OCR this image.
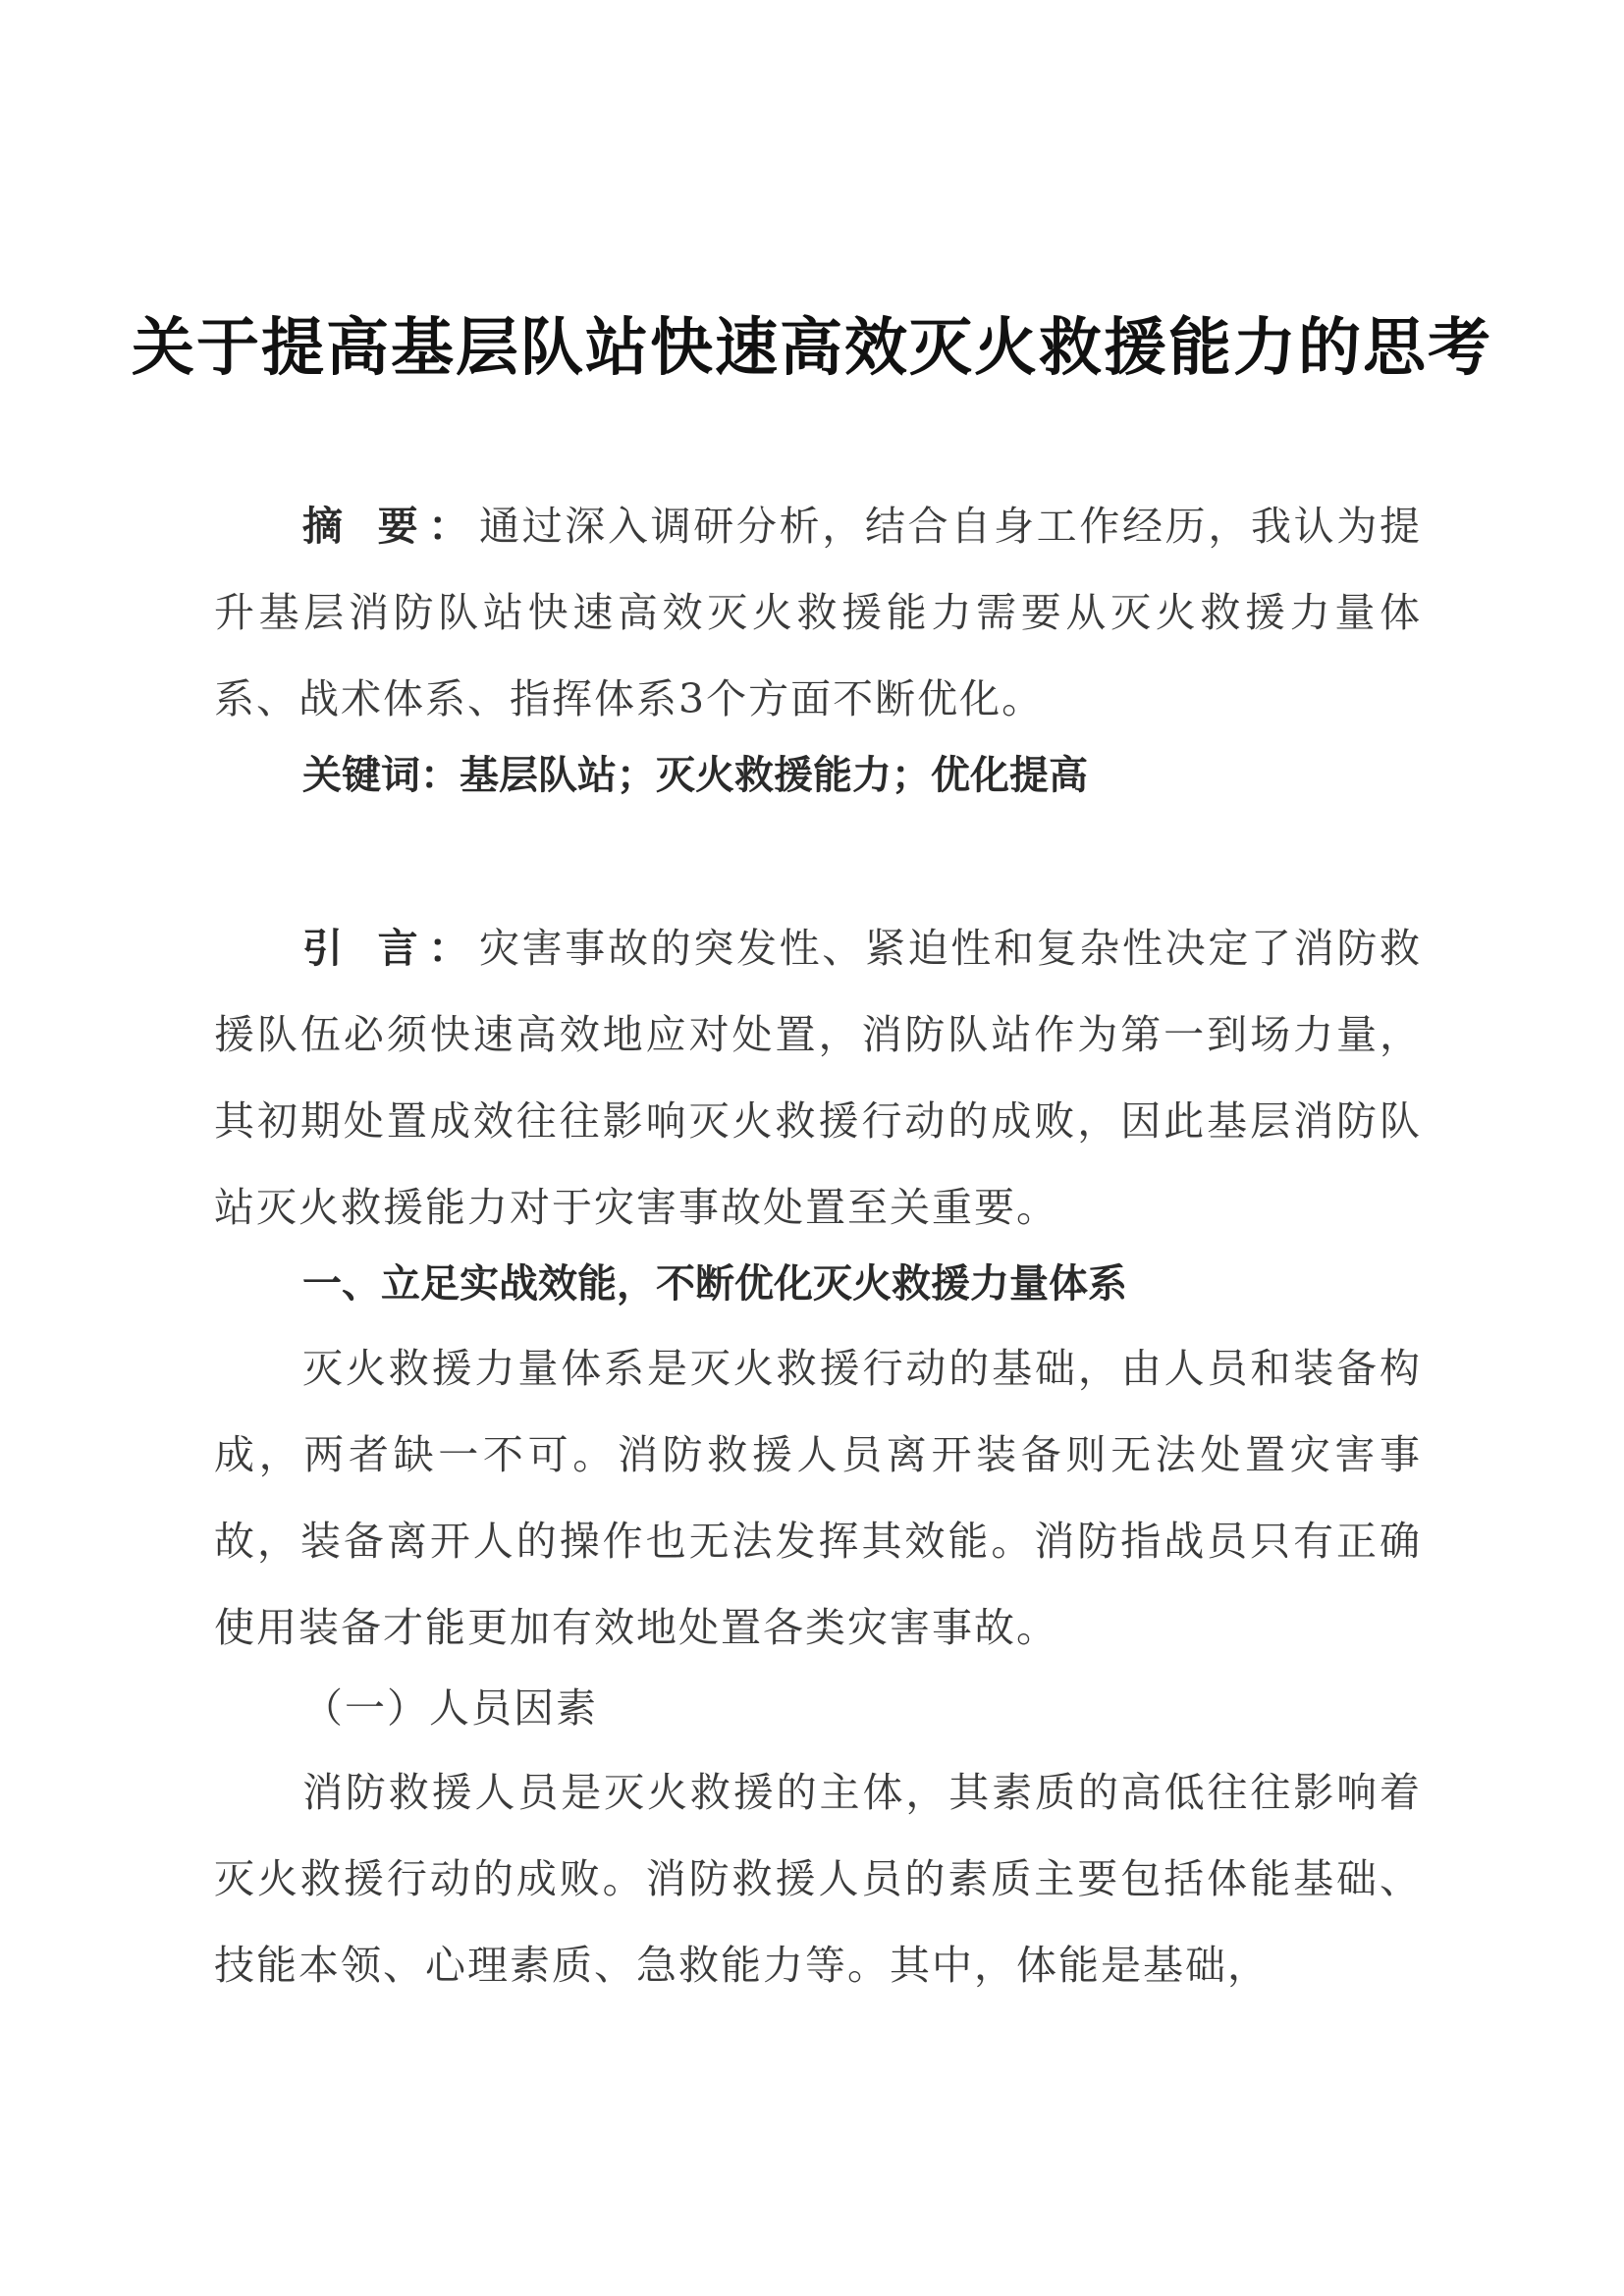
关于提高基层队站快速高效灭火救援能力的思考

摘 要：通过深入调研分析，结合自身工作经历，我认为提升基层消防队站快速高效灭火救援能力需要从灭火救援力量体系、战术体系、指挥体系3个方面不断优化。

关键词：基层队站；灭火救援能力；优化提高

引 言：灾害事故的突发性、紧迫性和复杂性决定了消防救援队伍必须快速高效地应对处置，消防队站作为第一到场力量，其初期处置成效往往影响灭火救援行动的成败，因此基层消防队站灭火救援能力对于灾害事故处置至关重要。

一、立足实战效能，不断优化灭火救援力量体系

灭火救援力量体系是灭火救援行动的基础，由人员和装备构成，两者缺一不可。消防救援人员离开装备则无法处置灾害事故，装备离开人的操作也无法发挥其效能。消防指战员只有正确使用装备才能更加有效地处置各类灾害事故。

（一）人员因素

消防救援人员是灭火救援的主体，其素质的高低往往影响着灭火救援行动的成败。消防救援人员的素质主要包括体能基础、技能本领、心理素质、急救能力等。其中，体能是基础，
